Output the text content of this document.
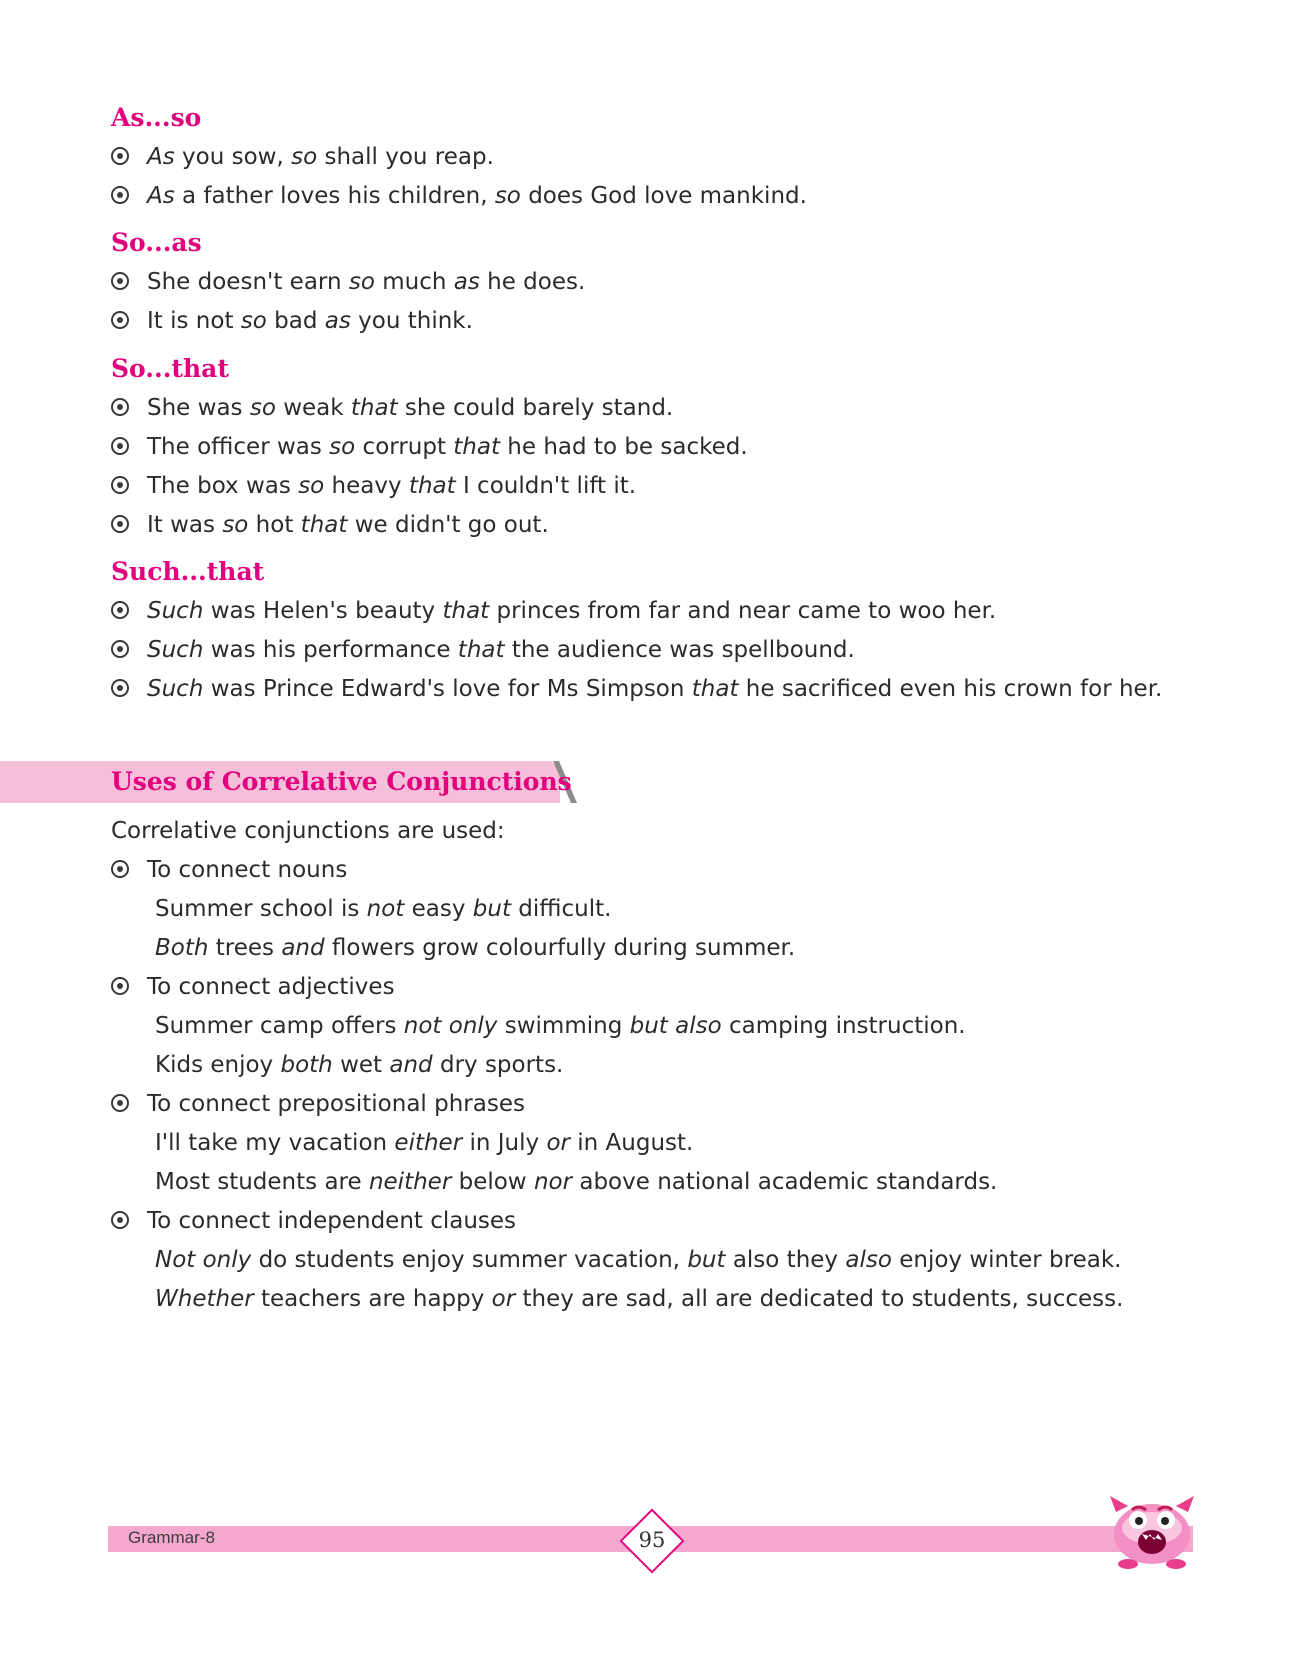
As...so

As you sow, so shall you reap.

As a father loves his children, so does God love mankind.

So...as

She doesn't earn so much as he does.

It is not so bad as you think.

So...that

She was so weak that she could barely stand.

The officer was so corrupt that he had to be sacked.

The box was so heavy that I couldn't lift it.

It was so hot that we didn't go out.

Such...that

Such was Helen's beauty that princes from far and near came to woo her.

Such was his performance that the audience was spellbound.

Such was Prince Edward's love for Ms Simpson that he sacrificed even his crown for her.

Uses of Correlative Conjunctions

Correlative conjunctions are used:

To connect nouns

Summer school is not easy but difficult.

Both trees and flowers grow colourfully during summer.

To connect adjectives

Summer camp offers not only swimming but also camping instruction.

Kids enjoy both wet and dry sports.

To connect prepositional phrases

I'll take my vacation either in July or in August.

Most students are neither below nor above national academic standards.

To connect independent clauses

Not only do students enjoy summer vacation, but also they also enjoy winter break.

Whether teachers are happy or they are sad, all are dedicated to students, success.

Grammar-8	95
